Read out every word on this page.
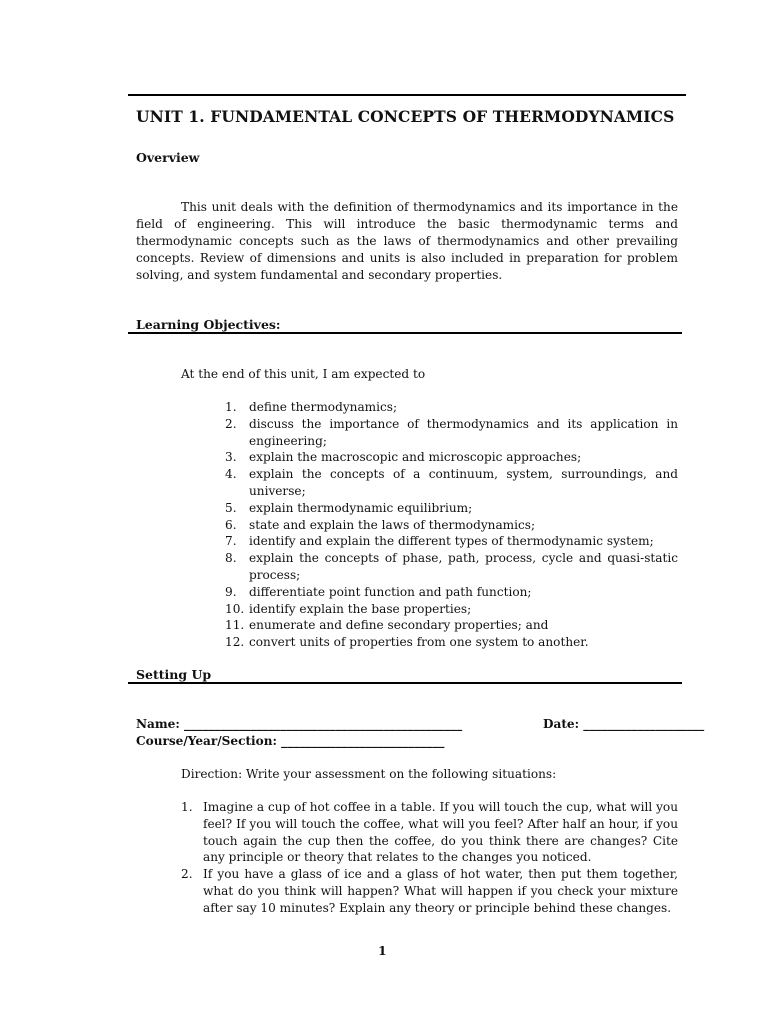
UNIT 1. FUNDAMENTAL CONCEPTS OF THERMODYNAMICS
Overview

This unit deals with the definition of thermodynamics and its importance in the field of engineering. This will introduce the basic thermodynamic terms and thermodynamic concepts such as the laws of thermodynamics and other prevailing concepts. Review of dimensions and units is also included in preparation for problem solving, and system fundamental and secondary properties.

Learning Objectives:

At the end of this unit, I am expected to

1. define thermodynamics;
2. discuss the importance of thermodynamics and its application in engineering;
3. explain the macroscopic and microscopic approaches;
4. explain the concepts of a continuum, system, surroundings, and universe;
5. explain thermodynamic equilibrium;
6. state and explain the laws of thermodynamics;
7. identify and explain the different types of thermodynamic system;
8. explain the concepts of phase, path, process, cycle and quasi-static process;
9. differentiate point function and path function;
10. identify explain the base properties;
11. enumerate and define secondary properties; and
12. convert units of properties from one system to another.
Setting Up
Name: ______________________________________________	Date: ____________________
Course/Year/Section: ___________________________

Direction: Write your assessment on the following situations:

1. Imagine a cup of hot coffee in a table. If you will touch the cup, what will you feel? If you will touch the coffee, what will you feel? After half an hour, if you touch again the cup then the coffee, do you think there are changes? Cite any principle or theory that relates to the changes you noticed.
2. If you have a glass of ice and a glass of hot water, then put them together, what do you think will happen? What will happen if you check your mixture after say 10 minutes? Explain any theory or principle behind these changes.
1
